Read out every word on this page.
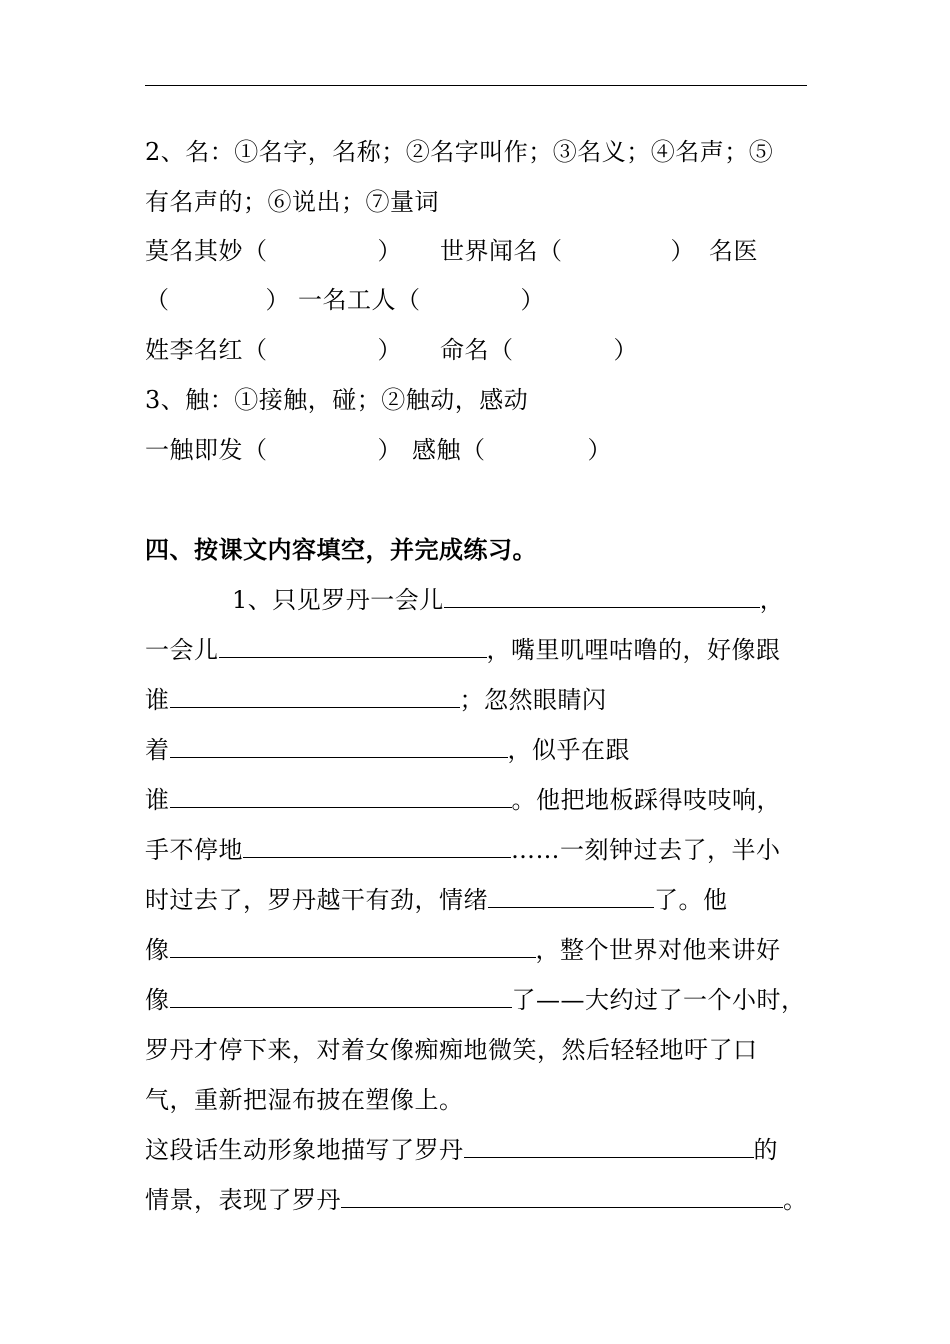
2、名：①名字，名称；②名字叫作；③名义；④名声；⑤
有名声的；⑥说出；⑦量词
莫名其妙（	） 世界闻名（	） 名医
（	） 一名工人（	）
姓李名红（	） 命名（	）
3、触：①接触，碰；②触动，感动
一触即发（	） 感触（	）
四、按课文内容填空，并完成练习。
1、只见罗丹一会儿	，
一会儿	，嘴里叽哩咕噜的，好像跟
谁	；忽然眼睛闪
着	，似乎在跟
谁	。他把地板踩得吱吱响，
手不停地	……一刻钟过去了，半小
时过去了，罗丹越干有劲，情绪	了。他
像	，整个世界对他来讲好
像	了——大约过了一个小时，
罗丹才停下来，对着女像痴痴地微笑，然后轻轻地吁了口
气，重新把湿布披在塑像上。
这段话生动形象地描写了罗丹	的
情景，表现了罗丹	。
